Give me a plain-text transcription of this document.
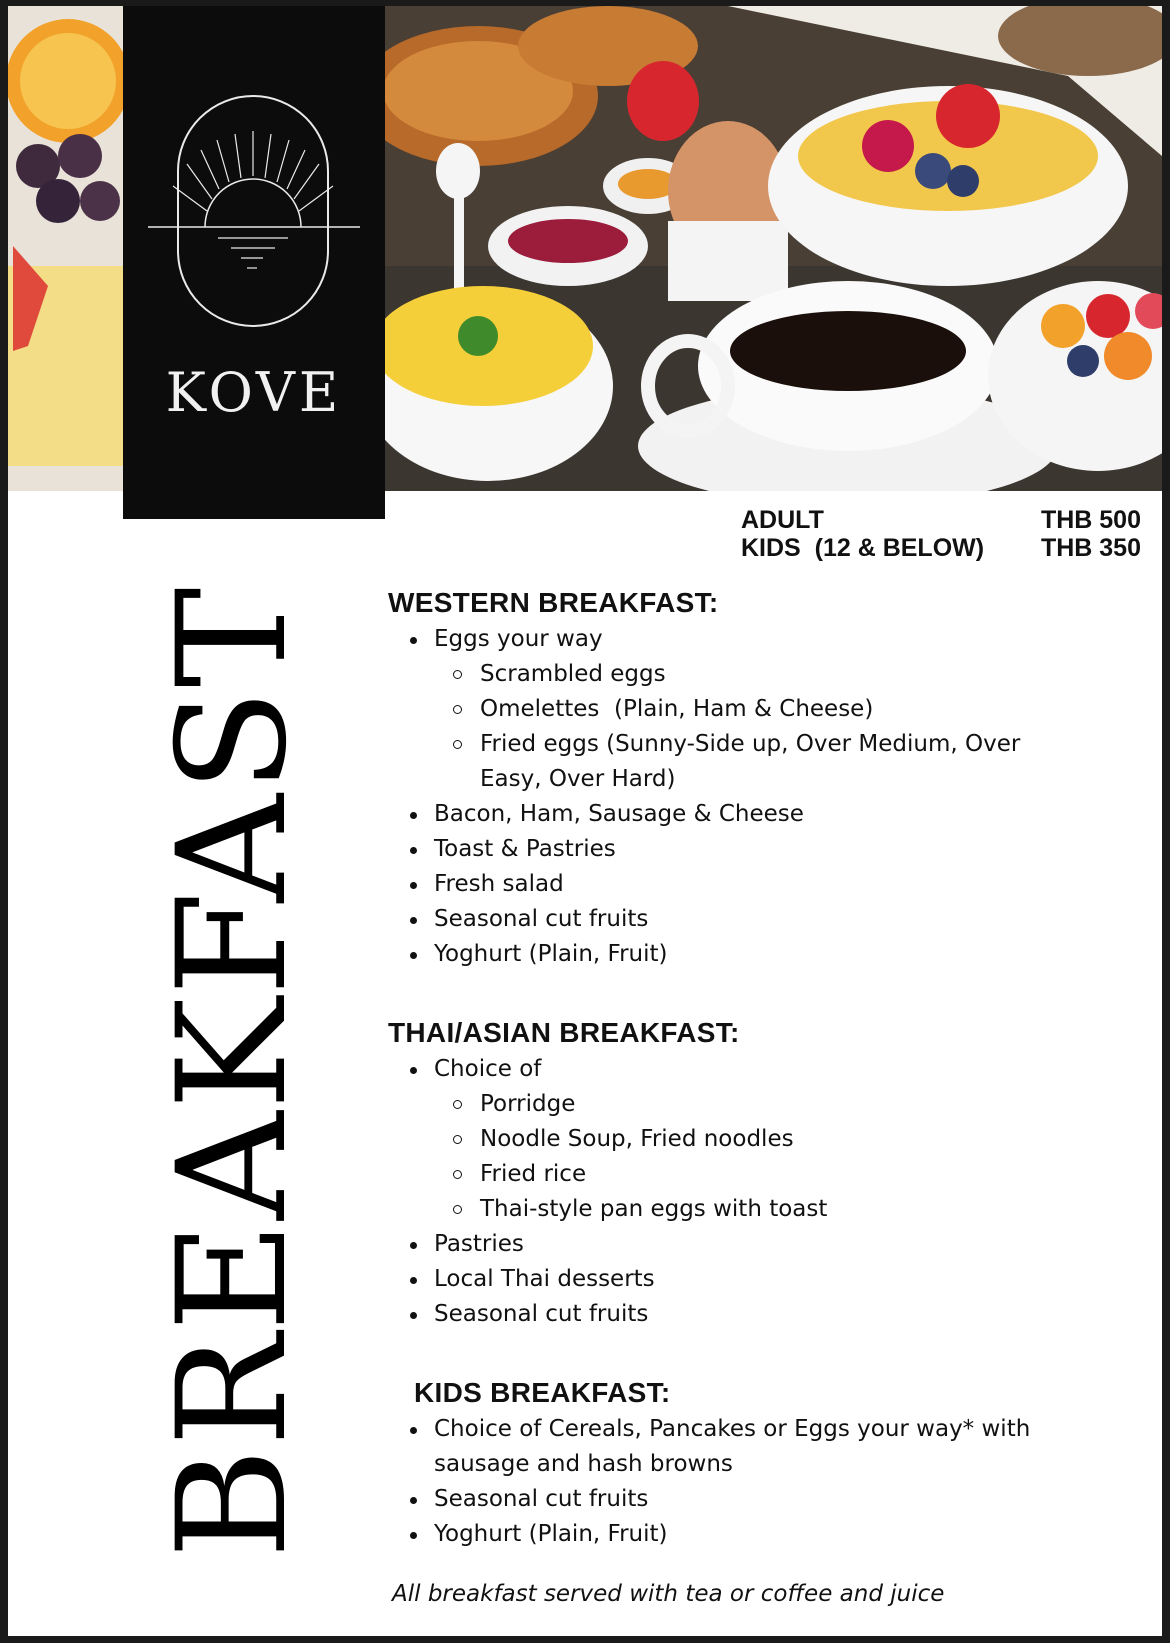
KOVE
BREAKFAST
ADULT	THB 500
KIDS  (12 & BELOW) THB 350
WESTERN BREAKFAST:
Eggs your way
Scrambled eggs
Omelettes  (Plain, Ham & Cheese)
Fried eggs (Sunny-Side up, Over Medium, Over Easy, Over Hard)
Bacon, Ham, Sausage & Cheese
Toast & Pastries
Fresh salad
Seasonal cut fruits
Yoghurt (Plain, Fruit)
THAI/ASIAN BREAKFAST:
Choice of
Porridge
Noodle Soup, Fried noodles
Fried rice
Thai-style pan eggs with toast
Pastries
Local Thai desserts
Seasonal cut fruits
KIDS BREAKFAST:
Choice of Cereals, Pancakes or Eggs your way* with sausage and hash browns
Seasonal cut fruits
Yoghurt (Plain, Fruit)
All breakfast served with tea or coffee and juice
